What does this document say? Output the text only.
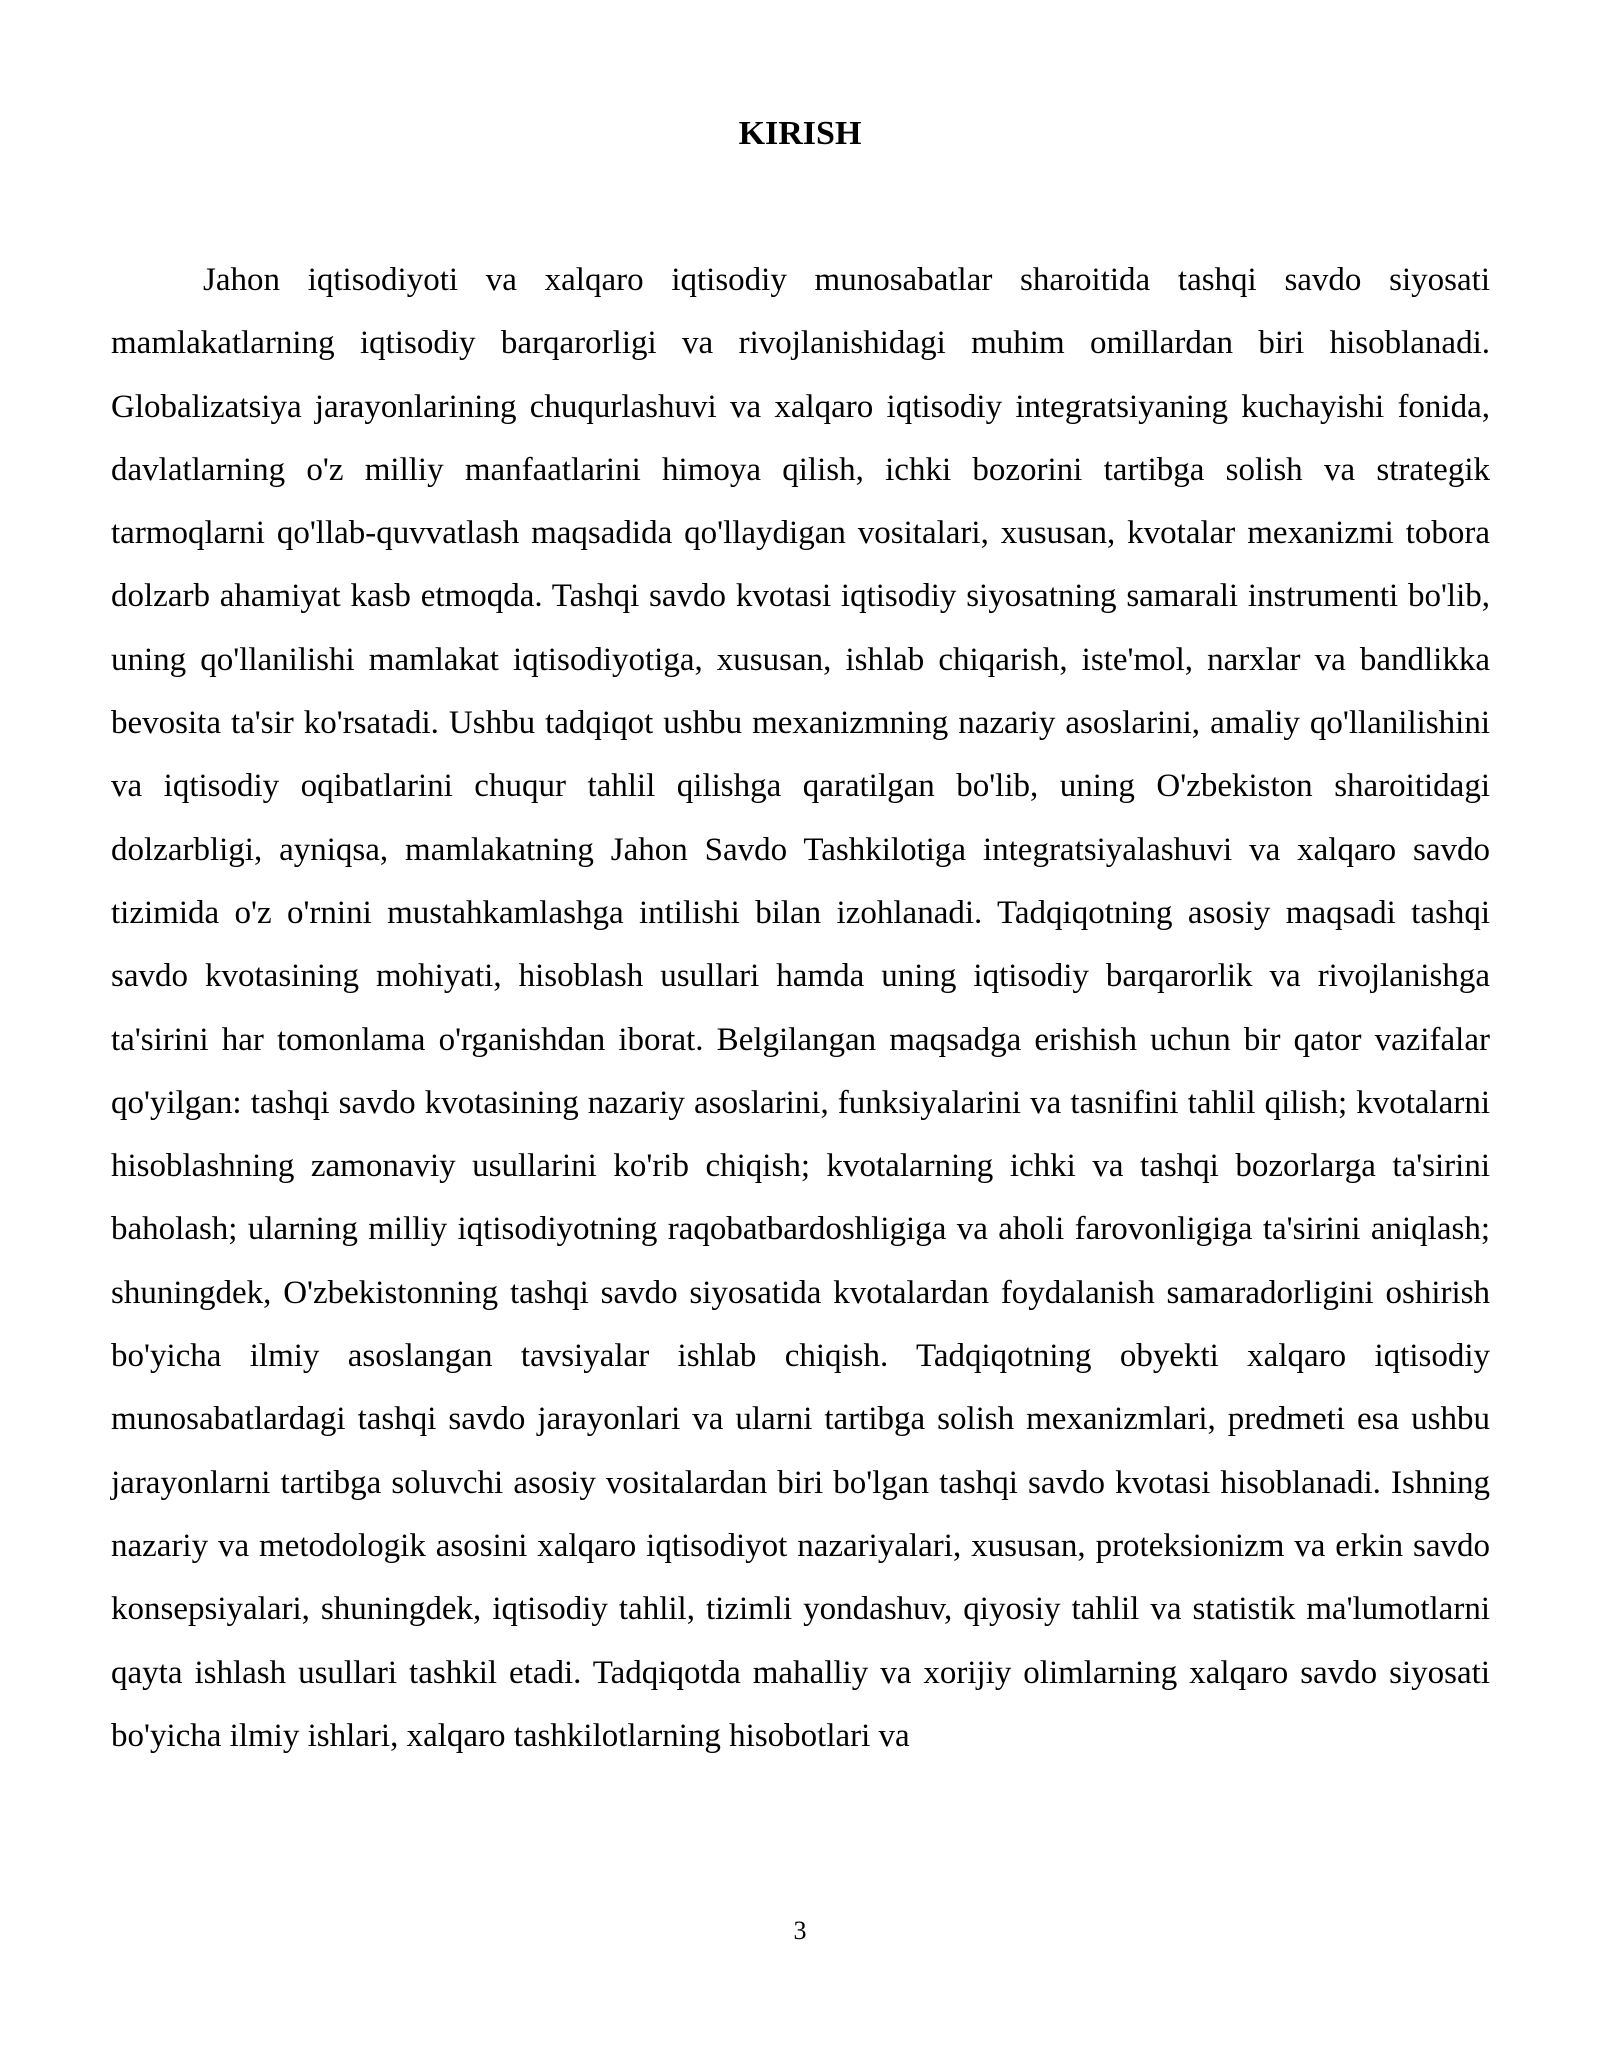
KIRISH

Jahon iqtisodiyoti va xalqaro iqtisodiy munosabatlar sharoitida tashqi savdo siyosati mamlakatlarning iqtisodiy barqarorligi va rivojlanishidagi muhim omillardan biri hisoblanadi. Globalizatsiya jarayonlarining chuqurlashuvi va xalqaro iqtisodiy integratsiyaning kuchayishi fonida, davlatlarning o'z milliy manfaatlarini himoya qilish, ichki bozorini tartibga solish va strategik tarmoqlarni qo'llab-quvvatlash maqsadida qo'llaydigan vositalari, xususan, kvotalar mexanizmi tobora dolzarb ahamiyat kasb etmoqda. Tashqi savdo kvotasi iqtisodiy siyosatning samarali instrumenti bo'lib, uning qo'llanilishi mamlakat iqtisodiyotiga, xususan, ishlab chiqarish, iste'mol, narxlar va bandlikka bevosita ta'sir ko'rsatadi. Ushbu tadqiqot ushbu mexanizmning nazariy asoslarini, amaliy qo'llanilishini va iqtisodiy oqibatlarini chuqur tahlil qilishga qaratilgan bo'lib, uning O'zbekiston sharoitidagi dolzarbligi, ayniqsa, mamlakatning Jahon Savdo Tashkilotiga integratsiyalashuvi va xalqaro savdo tizimida o'z o'rnini mustahkamlashga intilishi bilan izohlanadi. Tadqiqotning asosiy maqsadi tashqi savdo kvotasining mohiyati, hisoblash usullari hamda uning iqtisodiy barqarorlik va rivojlanishga ta'sirini har tomonlama o'rganishdan iborat. Belgilangan maqsadga erishish uchun bir qator vazifalar qo'yilgan: tashqi savdo kvotasining nazariy asoslarini, funksiyalarini va tasnifini tahlil qilish; kvotalarni hisoblashning zamonaviy usullarini ko'rib chiqish; kvotalarning ichki va tashqi bozorlarga ta'sirini baholash; ularning milliy iqtisodiyotning raqobatbardoshligiga va aholi farovonligiga ta'sirini aniqlash; shuningdek, O'zbekistonning tashqi savdo siyosatida kvotalardan foydalanish samaradorligini oshirish bo'yicha ilmiy asoslangan tavsiyalar ishlab chiqish. Tadqiqotning obyekti xalqaro iqtisodiy munosabatlardagi tashqi savdo jarayonlari va ularni tartibga solish mexanizmlari, predmeti esa ushbu jarayonlarni tartibga soluvchi asosiy vositalardan biri bo'lgan tashqi savdo kvotasi hisoblanadi. Ishning nazariy va metodologik asosini xalqaro iqtisodiyot nazariyalari, xususan, proteksionizm va erkin savdo konsepsiyalari, shuningdek, iqtisodiy tahlil, tizimli yondashuv, qiyosiy tahlil va statistik ma'lumotlarni qayta ishlash usullari tashkil etadi. Tadqiqotda mahalliy va xorijiy olimlarning xalqaro savdo siyosati bo'yicha ilmiy ishlari, xalqaro tashkilotlarning hisobotlari va

3
